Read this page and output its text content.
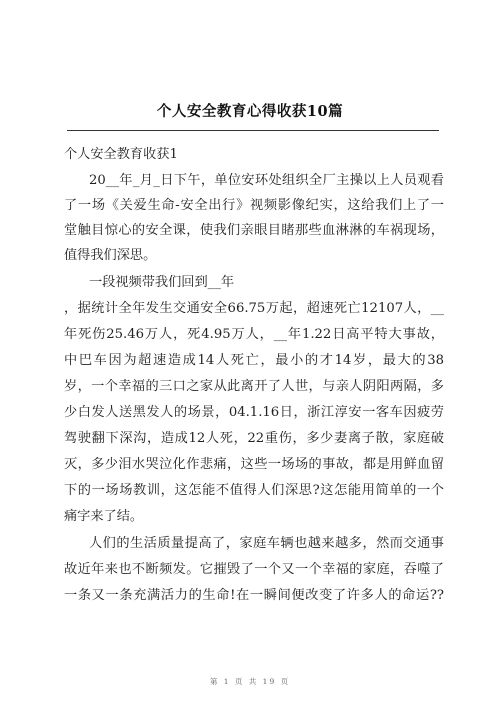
个人安全教育心得收获10篇
个人安全教育收获1
20__年_月_日下午，单位安环处组织全厂主操以上人员观看
了一场《关爱生命-安全出行》视频影像纪实，这给我们上了一
堂触目惊心的安全课，使我们亲眼目睹那些血淋淋的车祸现场，
值得我们深思。
一段视频带我们回到__年
，据统计全年发生交通安全66.75万起，超速死亡12107人，__
年死伤25.46万人，死4.95万人，__年1.22日高平特大事故，
中巴车因为超速造成14人死亡，最小的才14岁，最大的38
岁，一个幸福的三口之家从此离开了人世，与亲人阴阳两隔，多
少白发人送黑发人的场景，04.1.16日，浙江淳安一客车因疲劳
驾驶翻下深沟，造成12人死，22重伤，多少妻离子散，家庭破
灭，多少泪水哭泣化作悲痛，这些一场场的事故，都是用鲜血留
下的一场场教训，这怎能不值得人们深思?这怎能用简单的一个
痛字来了结。
人们的生活质量提高了，家庭车辆也越来越多，然而交通事
故近年来也不断频发。它摧毁了一个又一个幸福的家庭，吞噬了
一条又一条充满活力的生命!在一瞬间便改变了许多人的命运??
第 1 页 共 19 页
